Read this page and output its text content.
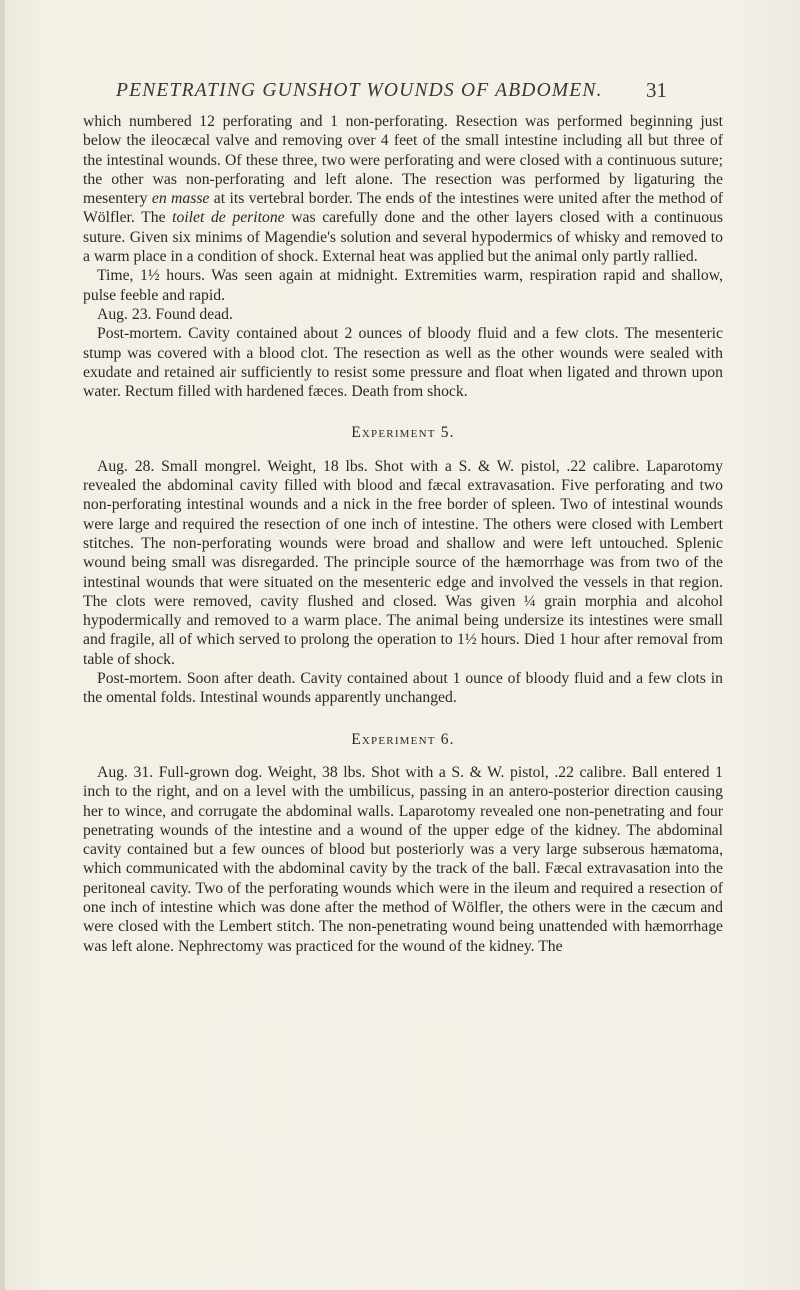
PENETRATING GUNSHOT WOUNDS OF ABDOMEN.	31

which numbered 12 perforating and 1 non-perforating. Resection was performed beginning just below the ileocæcal valve and removing over 4 feet of the small intestine including all but three of the intestinal wounds. Of these three, two were perforating and were closed with a continuous suture; the other was non-perforating and left alone. The resection was performed by ligaturing the mesentery en masse at its vertebral border. The ends of the intestines were united after the method of Wölfler. The toilet de peritone was carefully done and the other layers closed with a continuous suture. Given six minims of Magendie's solution and several hypodermics of whisky and removed to a warm place in a condition of shock. External heat was applied but the animal only partly rallied.

Time, 1½ hours. Was seen again at midnight. Extremities warm, respiration rapid and shallow, pulse feeble and rapid.

Aug. 23. Found dead.

Post-mortem. Cavity contained about 2 ounces of bloody fluid and a few clots. The mesenteric stump was covered with a blood clot. The resection as well as the other wounds were sealed with exudate and retained air sufficiently to resist some pressure and float when ligated and thrown upon water. Rectum filled with hardened fæces. Death from shock.

Experiment 5.

Aug. 28. Small mongrel. Weight, 18 lbs. Shot with a S. & W. pistol, .22 calibre. Laparotomy revealed the abdominal cavity filled with blood and fæcal extravasation. Five perforating and two non-perforating intestinal wounds and a nick in the free border of spleen. Two of intestinal wounds were large and required the resection of one inch of intestine. The others were closed with Lembert stitches. The non-perforating wounds were broad and shallow and were left untouched. Splenic wound being small was disregarded. The principle source of the hæmorrhage was from two of the intestinal wounds that were situated on the mesenteric edge and involved the vessels in that region. The clots were removed, cavity flushed and closed. Was given ¼ grain morphia and alcohol hypodermically and removed to a warm place. The animal being undersize its intestines were small and fragile, all of which served to prolong the operation to 1½ hours. Died 1 hour after removal from table of shock.

Post-mortem. Soon after death. Cavity contained about 1 ounce of bloody fluid and a few clots in the omental folds. Intestinal wounds apparently unchanged.

Experiment 6.

Aug. 31. Full-grown dog. Weight, 38 lbs. Shot with a S. & W. pistol, .22 calibre. Ball entered 1 inch to the right, and on a level with the umbilicus, passing in an antero-posterior direction causing her to wince, and corrugate the abdominal walls. Laparotomy revealed one non-penetrating and four penetrating wounds of the intestine and a wound of the upper edge of the kidney. The abdominal cavity contained but a few ounces of blood but posteriorly was a very large subserous hæmatoma, which communicated with the abdominal cavity by the track of the ball. Fæcal extravasation into the peritoneal cavity. Two of the perforating wounds which were in the ileum and required a resection of one inch of intestine which was done after the method of Wölfler, the others were in the cæcum and were closed with the Lembert stitch. The non-penetrating wound being unattended with hæmorrhage was left alone. Nephrectomy was practiced for the wound of the kidney. The
